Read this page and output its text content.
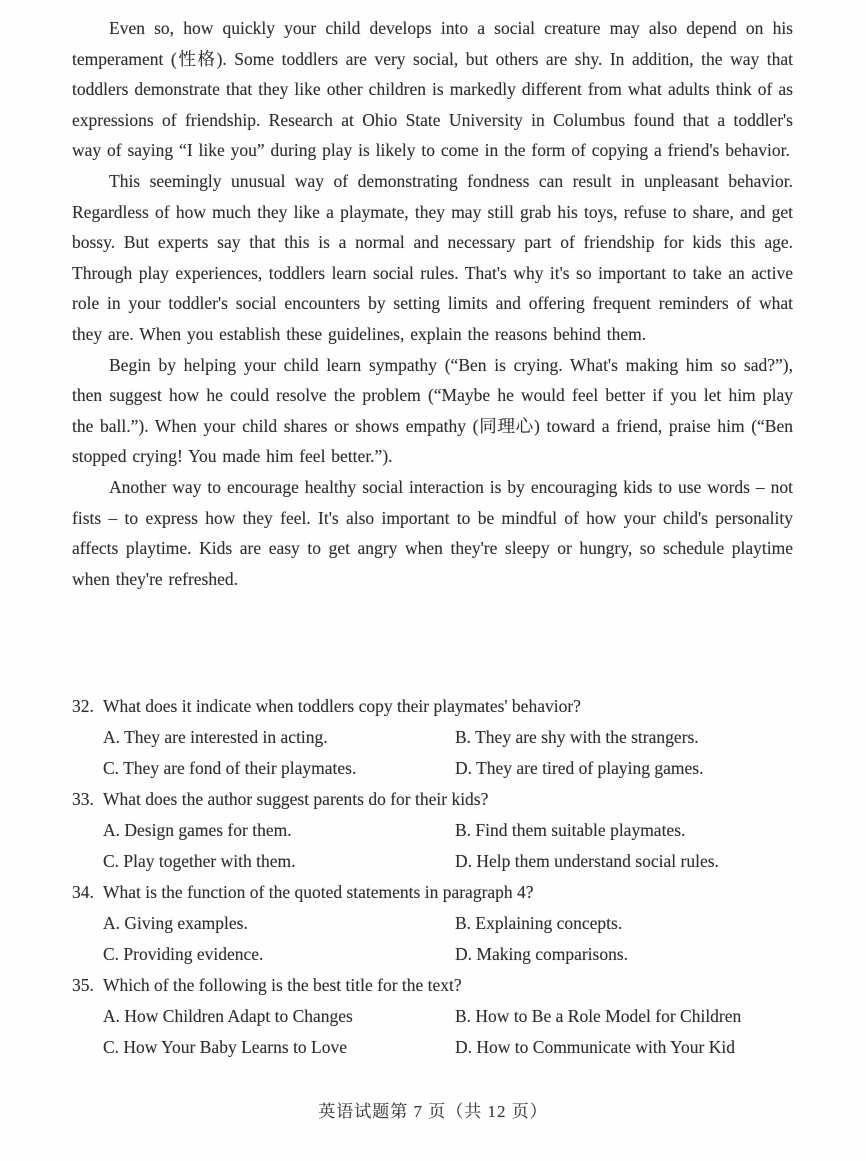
Even so, how quickly your child develops into a social creature may also depend on his temperament (性格). Some toddlers are very social, but others are shy. In addition, the way that toddlers demonstrate that they like other children is markedly different from what adults think of as expressions of friendship. Research at Ohio State University in Columbus found that a toddler's way of saying “I like you” during play is likely to come in the form of copying a friend's behavior.

This seemingly unusual way of demonstrating fondness can result in unpleasant behavior. Regardless of how much they like a playmate, they may still grab his toys, refuse to share, and get bossy. But experts say that this is a normal and necessary part of friendship for kids this age. Through play experiences, toddlers learn social rules. That's why it's so important to take an active role in your toddler's social encounters by setting limits and offering frequent reminders of what they are. When you establish these guidelines, explain the reasons behind them.

Begin by helping your child learn sympathy (“Ben is crying. What's making him so sad?”), then suggest how he could resolve the problem (“Maybe he would feel better if you let him play the ball.”). When your child shares or shows empathy (同理心) toward a friend, praise him (“Ben stopped crying! You made him feel better.”).

Another way to encourage healthy social interaction is by encouraging kids to use words – not fists – to express how they feel. It's also important to be mindful of how your child's personality affects playtime. Kids are easy to get angry when they're sleepy or hungry, so schedule playtime when they're refreshed.

32. What does it indicate when toddlers copy their playmates' behavior?
A. They are interested in acting.	B. They are shy with the strangers.
C. They are fond of their playmates.	D. They are tired of playing games.
33. What does the author suggest parents do for their kids?
A. Design games for them.	B. Find them suitable playmates.
C. Play together with them.	D. Help them understand social rules.
34. What is the function of the quoted statements in paragraph 4?
A. Giving examples.	B. Explaining concepts.
C. Providing evidence.	D. Making comparisons.
35. Which of the following is the best title for the text?
A. How Children Adapt to Changes	B. How to Be a Role Model for Children
C. How Your Baby Learns to Love	D. How to Communicate with Your Kid
英语试题第 7 页（共 12 页）
